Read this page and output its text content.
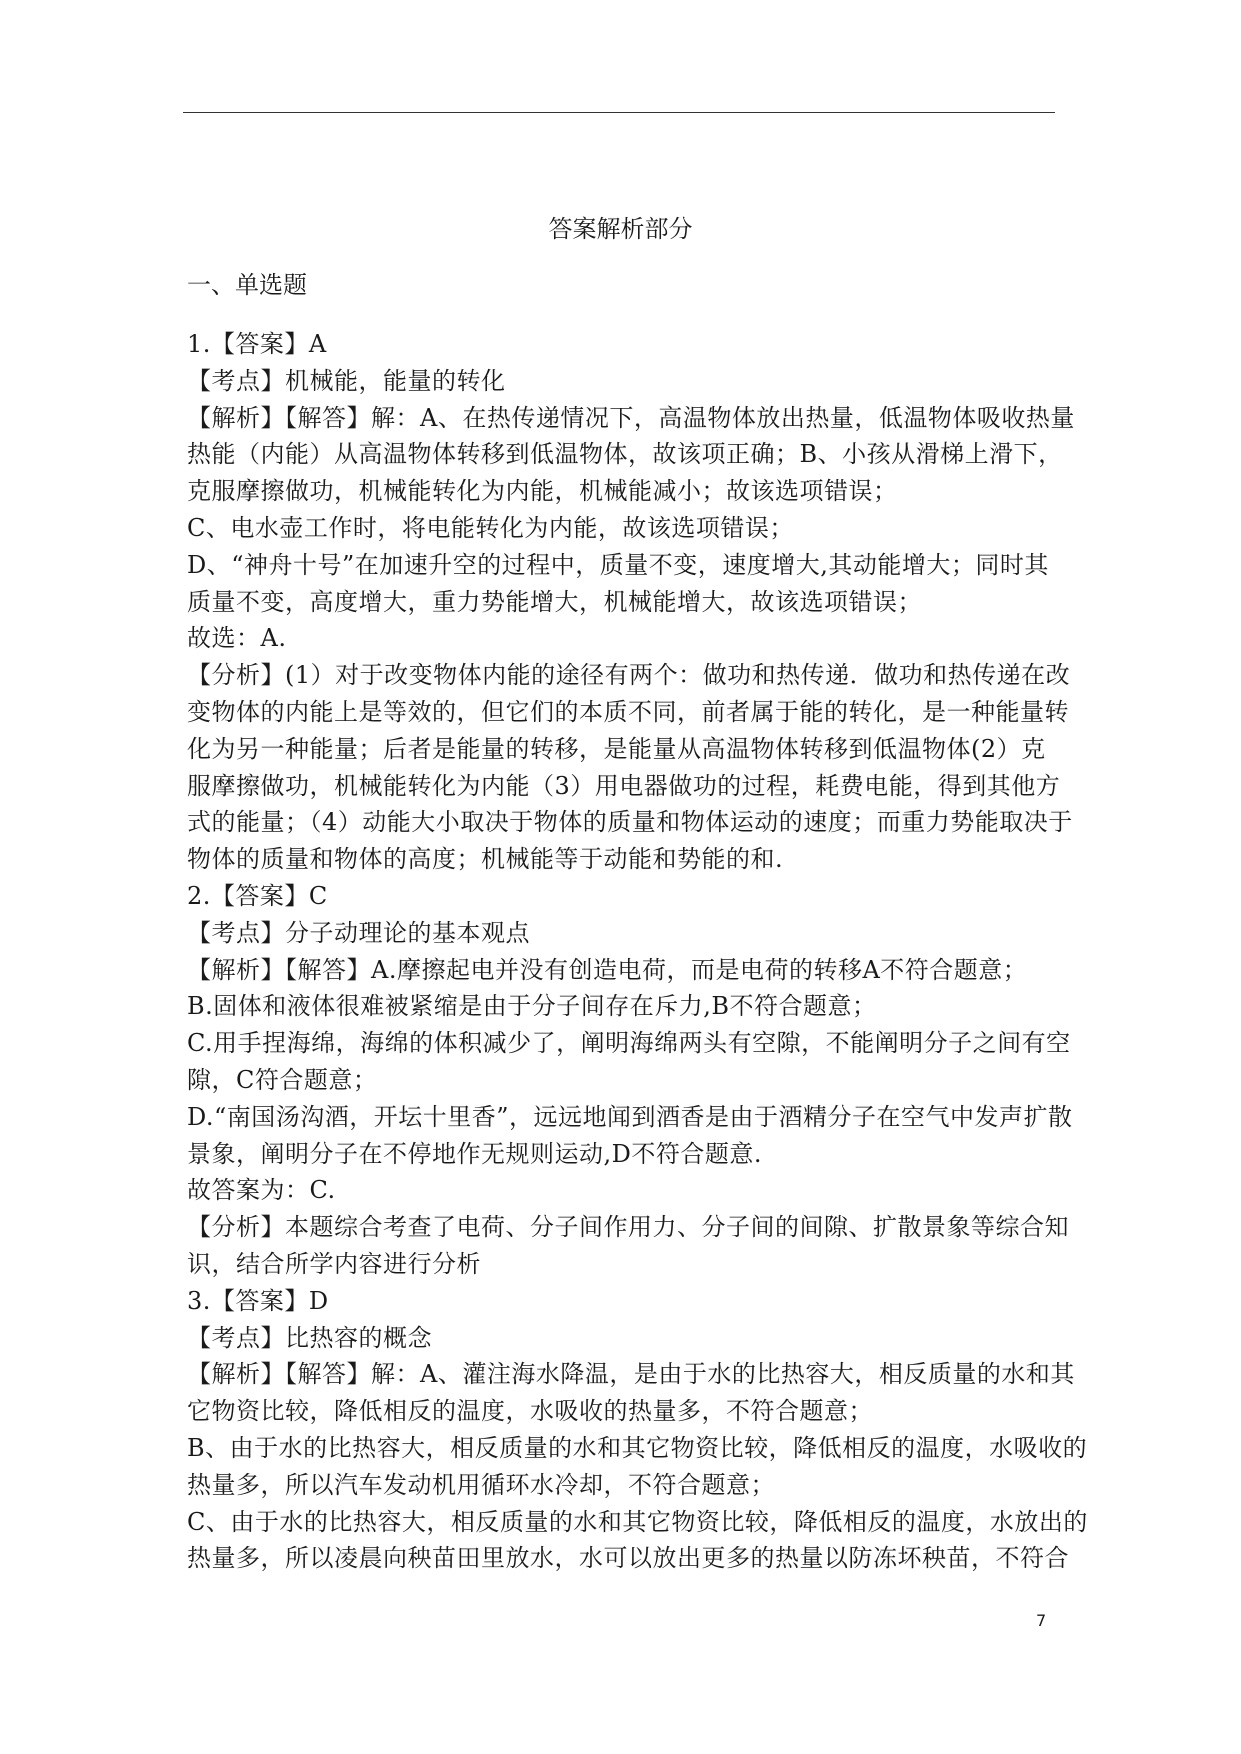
答案解析部分
一、单选题
1.【答案】A
【考点】机械能，能量的转化
【解析】【解答】解：A、在热传递情况下，高温物体放出热量，低温物体吸收热量
热能（内能）从高温物体转移到低温物体，故该项正确；B、小孩从滑梯上滑下，
克服摩擦做功，机械能转化为内能，机械能减小；故该选项错误；
C、电水壶工作时，将电能转化为内能，故该选项错误；
D、“神舟十号”在加速升空的过程中，质量不变，速度增大,其动能增大；同时其
质量不变，高度增大，重力势能增大，机械能增大，故该选项错误；
故选：A.
【分析】(1）对于改变物体内能的途径有两个：做功和热传递．做功和热传递在改
变物体的内能上是等效的，但它们的本质不同，前者属于能的转化，是一种能量转
化为另一种能量；后者是能量的转移，是能量从高温物体转移到低温物体(2）克
服摩擦做功，机械能转化为内能（3）用电器做功的过程，耗费电能，得到其他方
式的能量；（4）动能大小取决于物体的质量和物体运动的速度；而重力势能取决于
物体的质量和物体的高度；机械能等于动能和势能的和.
2.【答案】C
【考点】分子动理论的基本观点
【解析】【解答】A.摩擦起电并没有创造电荷，而是电荷的转移A不符合题意；
B.固体和液体很难被紧缩是由于分子间存在斥力,B不符合题意；
C.用手捏海绵，海绵的体积减少了，阐明海绵两头有空隙，不能阐明分子之间有空
隙，C符合题意；
D.“南国汤沟酒，开坛十里香”，远远地闻到酒香是由于酒精分子在空气中发声扩散
景象，阐明分子在不停地作无规则运动,D不符合题意.
故答案为：C.
【分析】本题综合考查了电荷、分子间作用力、分子间的间隙、扩散景象等综合知
识，结合所学内容进行分析
3.【答案】D
【考点】比热容的概念
【解析】【解答】解：A、灌注海水降温，是由于水的比热容大，相反质量的水和其
它物资比较，降低相反的温度，水吸收的热量多，不符合题意；
B、由于水的比热容大，相反质量的水和其它物资比较，降低相反的温度，水吸收的
热量多，所以汽车发动机用循环水冷却，不符合题意；
C、由于水的比热容大，相反质量的水和其它物资比较，降低相反的温度，水放出的
热量多，所以凌晨向秧苗田里放水，水可以放出更多的热量以防冻坏秧苗，不符合
7
